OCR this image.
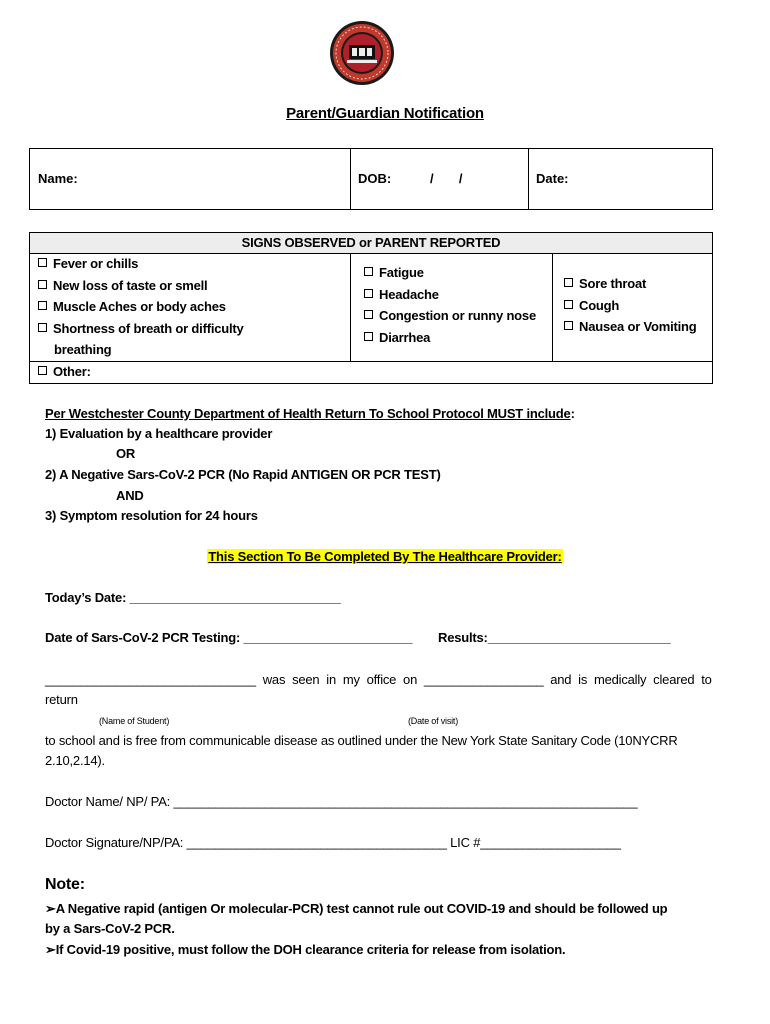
Parent/Guardian Notification
Name:	DOB:	/       /	Date:
SIGNS OBSERVED or PARENT REPORTED
Fever or chills
New loss of taste or smell
Muscle Aches or body aches
Shortness of breath or difficulty
breathing
Fatigue
Headache
Congestion or runny nose
Diarrhea
Sore throat
Cough
Nausea or Vomiting
Other:
Per Westchester County Department of Health Return To School Protocol MUST include:
1) Evaluation by a healthcare provider
OR
2) A Negative Sars-CoV-2 PCR (No Rapid ANTIGEN OR PCR TEST)
AND
3) Symptom resolution for 24 hours
This Section To Be Completed By The Healthcare Provider:
Today’s Date: ______________________________
Date of Sars-CoV-2 PCR Testing: ________________________ Results:__________________________
______________________________  was  seen  in  my  office  on  _________________  and  is  medically  cleared  to
return
(Name of Student)	(Date of visit)
to school and is free from communicable disease as outlined under the New York State Sanitary Code (10NYCRR
2.10,2.14).
Doctor Name/ NP/ PA: __________________________________________________________________
Doctor Signature/NP/PA: _____________________________________ LIC #____________________
Note:
➢A Negative rapid (antigen Or molecular-PCR) test cannot rule out COVID-19 and should be followed up
by a Sars-CoV-2 PCR.
➢If Covid-19 positive, must follow the DOH clearance criteria for release from isolation.
